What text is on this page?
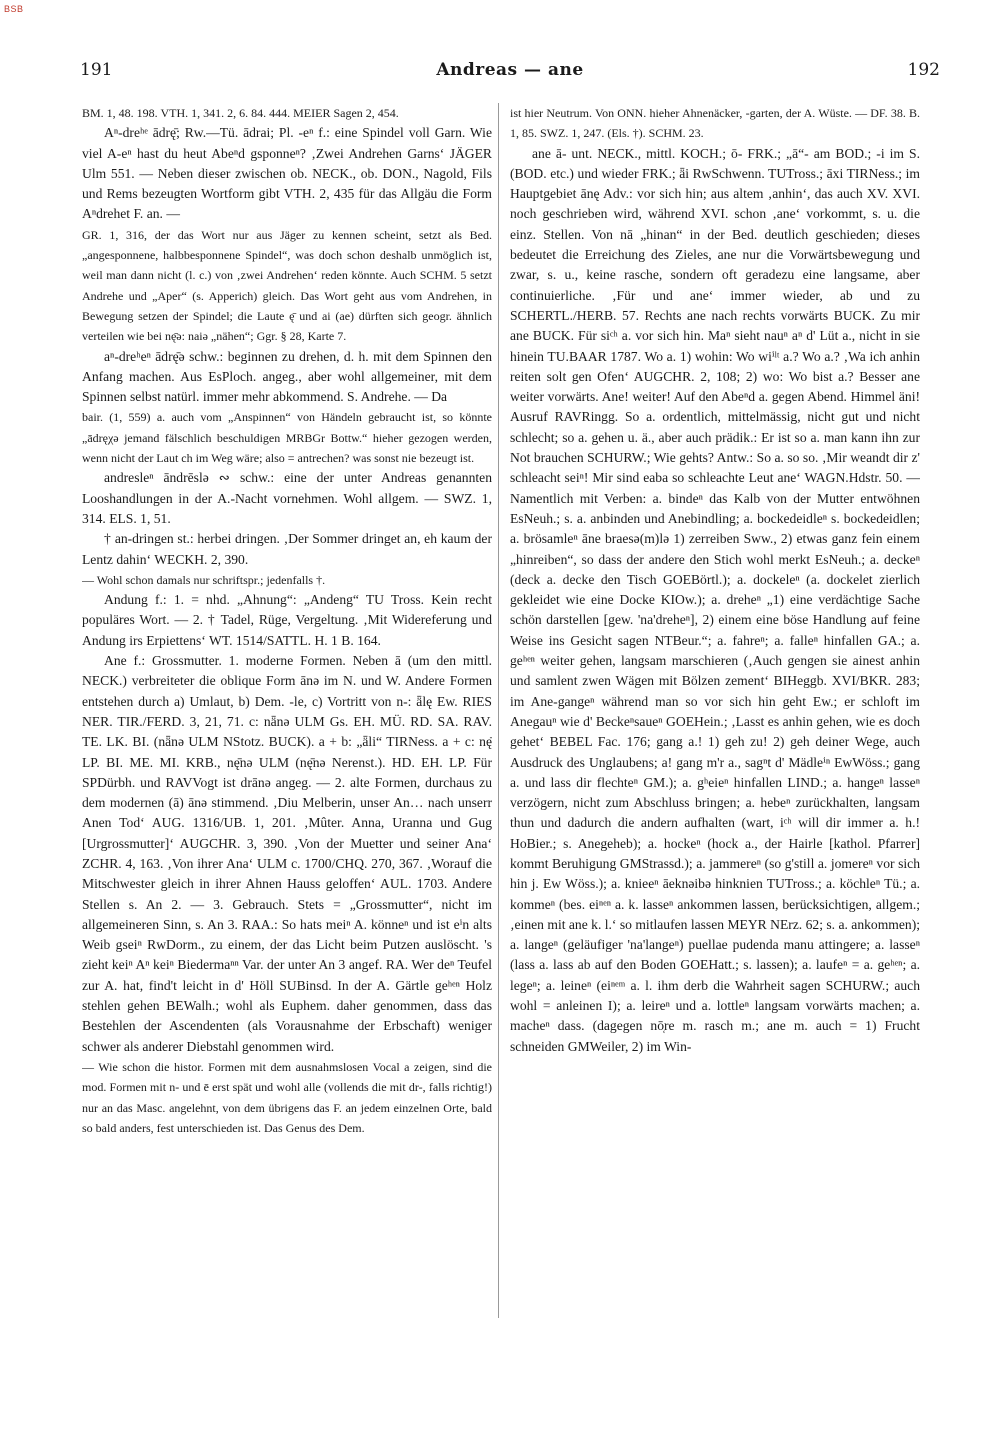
BSB
191	Andreas — ane	192

BM. 1, 48. 198. VTH. 1, 341. 2, 6. 84. 444. MEIER Sagen 2, 454.

Aⁿ-dreʰᵉ ādrę̄; Rw.—Tü. ādrai; Pl. -eⁿ f.: eine Spindel voll Garn. Wie viel A-eⁿ hast du heut Abeⁿd gsponneⁿ? ‚Zwei Andrehen Garns‘ JÄGER Ulm 551. — Neben dieser zwischen ob. NECK., ob. DON., Nagold, Fils und Rems bezeugten Wortform gibt VTH. 2, 435 für das Allgäu die Form Aⁿdrehet F. an. —

GR. 1, 316, der das Wort nur aus Jäger zu kennen scheint, setzt als Bed. „angesponnene, halbbesponnene Spindel“, was doch schon deshalb unmöglich ist, weil man dann nicht (l. c.) von ‚zwei Andrehen‘ reden könnte. Auch SCHM. 5 setzt Andrehe und „Aper“ (s. Apperich) gleich. Das Wort geht aus vom Andrehen, in Bewegung setzen der Spindel; die Laute ę̄ und ai (ae) dürften sich geogr. ähnlich verteilen wie bei nę̄ə: naiə „nähen“; Ggr. § 28, Karte 7.

aⁿ-dreʰeⁿ ādrę̄ə schw.: beginnen zu drehen, d. h. mit dem Spinnen den Anfang machen. Aus EsPloch. angeg., aber wohl allgemeiner, mit dem Spinnen selbst natürl. immer mehr abkommend. S. Andrehe. — Da

bair. (1, 559) a. auch vom „Anspinnen“ von Händeln gebraucht ist, so könnte „ādręχə jemand fälschlich beschuldigen MRBGr Bottw.“ hieher gezogen werden, wenn nicht der Laut ch im Weg wäre; also = antrechen? was sonst nie bezeugt ist.

andresleⁿ āndrēslə ∾ schw.: eine der unter Andreas genannten Looshandlungen in der A.-Nacht vornehmen. Wohl allgem. — SWZ. 1, 314. ELS. 1, 51.

† an-dringen st.: herbei dringen. ‚Der Sommer dringet an, eh kaum der Lentz dahin‘ WECKH. 2, 390.

— Wohl schon damals nur schriftspr.; jedenfalls †.

Andung f.: 1. = nhd. „Ahnung“: „Andeng“ TU Tross. Kein recht populäres Wort. — 2. † Tadel, Rüge, Vergeltung. ‚Mit Widereferung und Andung irs Erpiettens‘ WT. 1514/SATTL. H. 1 B. 164.

Ane f.: Grossmutter. 1. moderne Formen. Neben ā (um den mittl. NECK.) verbreiteter die oblique Form ānə im N. und W. Andere Formen entstehen durch a) Umlaut, b) Dem. -le, c) Vortritt von n-: ǟlę Ew. RIES NER. TIR./FERD. 3, 21, 71. c: nǟnə ULM Gs. EH. MÜ. RD. SA. RAV. TE. LK. BI. (nǟnə ULM NStotz. BUCK). a + b: „ǟli“ TIRNess. a + c: nę̄ LP. BI. ME. MI. KRB., nę̄nə ULM (nę̄nə Nerenst.). HD. EH. LP. Für SPDürbh. und RAVVogt ist drānə angeg. — 2. alte Formen, durchaus zu dem modernen (ā) ānə stimmend. ‚Diu Melberin, unser An… nach unserr Anen Tod‘ AUG. 1316/UB. 1, 201. ‚Mûter. Anna, Uranna und Gug [Urgrossmutter]‘ AUGCHR. 3, 390. ‚Von der Muetter und seiner Ana‘ ZCHR. 4, 163. ‚Von ihrer Ana‘ ULM c. 1700/CHQ. 270, 367. ‚Worauf die Mitschwester gleich in ihrer Ahnen Hauss geloffen‘ AUL. 1703. Andere Stellen s. An 2. — 3. Gebrauch. Stets = „Grossmutter“, nicht im allgemeineren Sinn, s. An 3. RAA.: So hats meiⁿ A. könneⁿ und ist eⁱn alts Weib gseiⁿ RwDorm., zu einem, der das Licht beim Putzen auslöscht. 's zieht keiⁿ Aⁿ keiⁿ Biedermaⁿⁿ Var. der unter An 3 angef. RA. Wer deⁿ Teufel zur A. hat, find't leicht in d' Höll SUBinsd. In der A. Gärtle geʰᵉⁿ Holz stehlen gehen BEWalh.; wohl als Euphem. daher genommen, dass das Bestehlen der Ascendenten (als Vorausnahme der Erbschaft) weniger schwer als anderer Diebstahl genommen wird.

— Wie schon die histor. Formen mit dem ausnahmslosen Vocal a zeigen, sind die mod. Formen mit n- und ē erst spät und wohl alle (vollends die mit dr-, falls richtig!) nur an das Masc. angelehnt, von dem übrigens das F. an jedem einzelnen Orte, bald so bald anders, fest unterschieden ist. Das Genus des Dem.

ist hier Neutrum. Von ONN. hieher Ahnenäcker, -garten, der A. Wüste. — DF. 38. B. 1, 85. SWZ. 1, 247. (Els. †). SCHM. 23.

ane ā- unt. NECK., mittl. KOCH.; ō- FRK.; „ā“- am BOD.; -i im S. (BOD. etc.) und wieder FRK.; ǟi RwSchwenn. TUTross.; āxi TIRNess.; im Hauptgebiet ānę Adv.: vor sich hin; aus altem ‚anhin‘, das auch XV. XVI. noch geschrieben wird, während XVI. schon ‚ane‘ vorkommt, s. u. die einz. Stellen. Von nā „hinan“ in der Bed. deutlich geschieden; dieses bedeutet die Erreichung des Zieles, ane nur die Vorwärtsbewegung und zwar, s. u., keine rasche, sondern oft geradezu eine langsame, aber continuierliche. ‚Für und ane‘ immer wieder, ab und zu SCHERTL./HERB. 57. Rechts ane nach rechts vorwärts BUCK. Zu mir ane BUCK. Für siᶜʰ a. vor sich hin. Maⁿ sieht nauⁿ aⁿ d' Lüt a., nicht in sie hinein TU.BAAR 1787. Wo a. 1) wohin: Wo wiⁱˡᵗ a.? Wo a.? ‚Wa ich anhin reiten solt gen Ofen‘ AUGCHR. 2, 108; 2) wo: Wo bist a.? Besser ane weiter vorwärts. Ane! weiter! Auf den Abeⁿd a. gegen Abend. Himmel äni! Ausruf RAVRingg. So a. ordentlich, mittelmässig, nicht gut und nicht schlecht; so a. gehen u. ä., aber auch prädik.: Er ist so a. man kann ihn zur Not brauchen SCHURW.; Wie gehts? Antw.: So a. so so. ‚Mir weandt dir z' schleacht seiⁿ! Mir sind eaba so schleachte Leut ane‘ WAGN.Hdstr. 50. — Namentlich mit Verben: a. bindeⁿ das Kalb von der Mutter entwöhnen EsNeuh.; s. a. anbinden und Anebindling; a. bockedeidleⁿ s. bockedeidlen; a. brösamleⁿ āne braesə(m)lə 1) zerreiben Sww., 2) etwas ganz fein einem „hinreiben“, so dass der andere den Stich wohl merkt EsNeuh.; a. deckeⁿ (deck a. decke den Tisch GOEBörtl.); a. dockeleⁿ (a. dockelet zierlich gekleidet wie eine Docke KIOw.); a. dreheⁿ „1) eine verdächtige Sache schön darstellen [gew. 'na'dreheⁿ], 2) einem eine böse Handlung auf feine Weise ins Gesicht sagen NTBeur.“; a. fahreⁿ; a. falleⁿ hinfallen GA.; a. geʰᵉⁿ weiter gehen, langsam marschieren (‚Auch gengen sie ainest anhin und samlent zwen Wägen mit Bölzen zement‘ BIHeggb. XVI/BKR. 283; im Ane-gangeⁿ während man so vor sich hin geht Ew.; er schloft im Anegauⁿ wie d' Beckeⁿsaueⁿ GOEHein.; ‚Lasst es anhin gehen, wie es doch gehet‘ BEBEL Fac. 176; gang a.! 1) geh zu! 2) geh deiner Wege, auch Ausdruck des Unglaubens; a! gang m'r a., sagⁿt d' Mädleⁱⁿ EwWöss.; gang a. und lass dir flechteⁿ GM.); a. gʰeieⁿ hinfallen LIND.; a. hangeⁿ lasseⁿ verzögern, nicht zum Abschluss bringen; a. hebeⁿ zurückhalten, langsam thun und dadurch die andern aufhalten (wart, iᶜʰ will dir immer a. h.! HoBier.; s. Anegeheb); a. hockeⁿ (hock a., der Hairle [kathol. Pfarrer] kommt Beruhigung GMStrassd.); a. jammereⁿ (so g'still a. jomereⁿ vor sich hin j. Ew Wöss.); a. knieeⁿ āeknəibə hinknien TUTross.; a. köchleⁿ Tü.; a. kommeⁿ (bes. eiⁿᵉⁿ a. k. lasseⁿ ankommen lassen, berücksichtigen, allgem.; ‚einen mit ane k. l.‘ so mitlaufen lassen MEYR NErz. 62; s. a. ankommen); a. langeⁿ (geläufiger 'na'langeⁿ) puellae pudenda manu attingere; a. lasseⁿ (lass a. lass ab auf den Boden GOEHatt.; s. lassen); a. laufeⁿ = a. geʰᵉⁿ; a. legeⁿ; a. leineⁿ (eiⁿᵉᵐ a. l. ihm derb die Wahrheit sagen SCHURW.; auch wohl = anleinen I); a. leireⁿ und a. lottleⁿ langsam vorwärts machen; a. macheⁿ dass. (dagegen nō̜re m. rasch m.; ane m. auch = 1) Frucht schneiden GMWeiler, 2) im Win-
